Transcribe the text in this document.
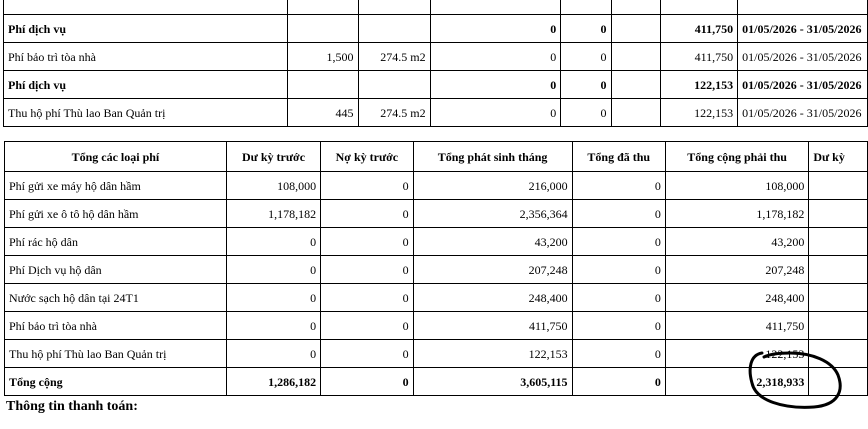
Phí dịch vụ			0	0		411,750	01/05/2026 - 31/05/2026
Phí bảo trì tòa nhà	1,500	274.5 m2	0	0		411,750	01/05/2026 - 31/05/2026
Phí dịch vụ			0	0		122,153	01/05/2026 - 31/05/2026
Thu hộ phí Thù lao Ban Quản trị	445	274.5 m2	0	0		122,153	01/05/2026 - 31/05/2026
Tổng các loại phí	Dư kỳ trước	Nợ kỳ trước	Tổng phát sinh tháng	Tổng đã thu	Tổng cộng phải thu	Dư kỳ
Phí gửi xe máy hộ dân hầm	108,000	0	216,000	0	108,000	
Phí gửi xe ô tô hộ dân hầm	1,178,182	0	2,356,364	0	1,178,182	
Phí rác hộ dân	0	0	43,200	0	43,200	
Phí Dịch vụ hộ dân	0	0	207,248	0	207,248	
Nước sạch hộ dân tại 24T1	0	0	248,400	0	248,400	
Phí bảo trì tòa nhà	0	0	411,750	0	411,750	
Thu hộ phí Thù lao Ban Quản trị	0	0	122,153	0	122,153	
Tổng cộng	1,286,182	0	3,605,115	0	2,318,933	
Thông tin thanh toán:
